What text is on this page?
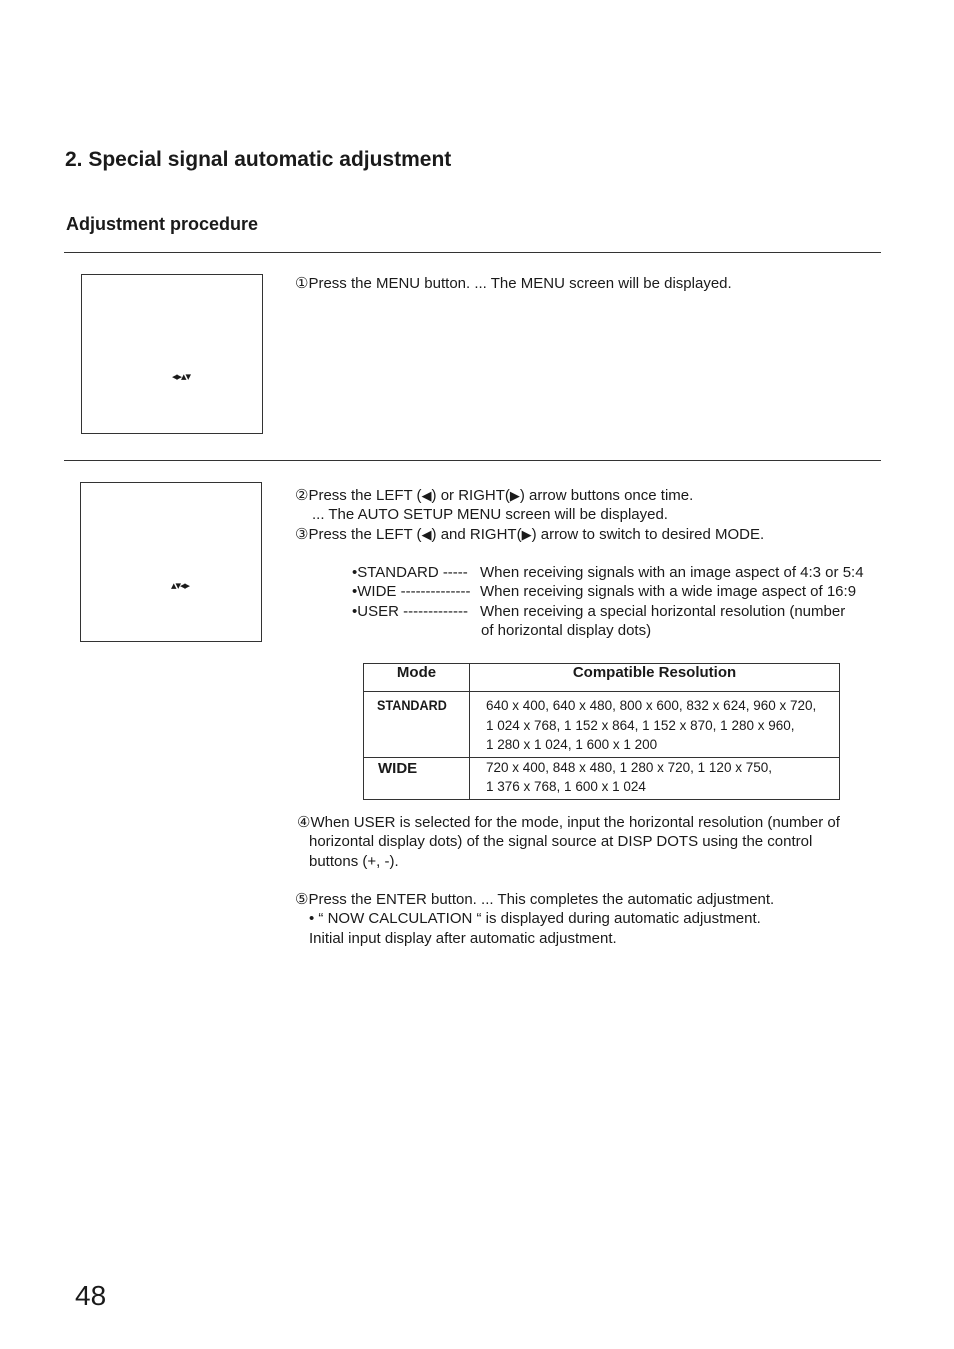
2. Special signal automatic adjustment
Adjustment procedure
◂▸▴▾
①Press the MENU button. ... The MENU screen will be displayed.
▴▾◂▸
②Press the LEFT (◀) or RIGHT(▶) arrow buttons once time.
... The AUTO SETUP MENU screen will be displayed.
③Press the LEFT (◀) and RIGHT(▶) arrow to switch to desired MODE.
•STANDARD -----When receiving signals with an image aspect of 4:3 or 5:4
•WIDE -------------- When receiving signals with a wide image aspect of 16:9
•USER -------------When receiving a special horizontal resolution (number
of horizontal display dots)
Mode	Compatible Resolution
STANDARD	640 x 400, 640 x 480, 800 x 600, 832 x 624, 960 x 720,
1 024 x 768, 1 152 x 864, 1 152 x 870, 1 280 x 960,
1 280 x 1 024, 1 600 x 1 200

WIDE	720 x 400, 848 x 480, 1 280 x 720, 1 120 x 750,
1 376 x 768, 1 600 x 1 024
④When USER is selected for the mode, input the horizontal resolution (number of
horizontal display dots) of the signal source at DISP DOTS using the control
buttons (+, -).
⑤Press the ENTER button. ... This completes the automatic adjustment.
• “ NOW CALCULATION “ is displayed during automatic adjustment.
Initial input display after automatic adjustment.
48
